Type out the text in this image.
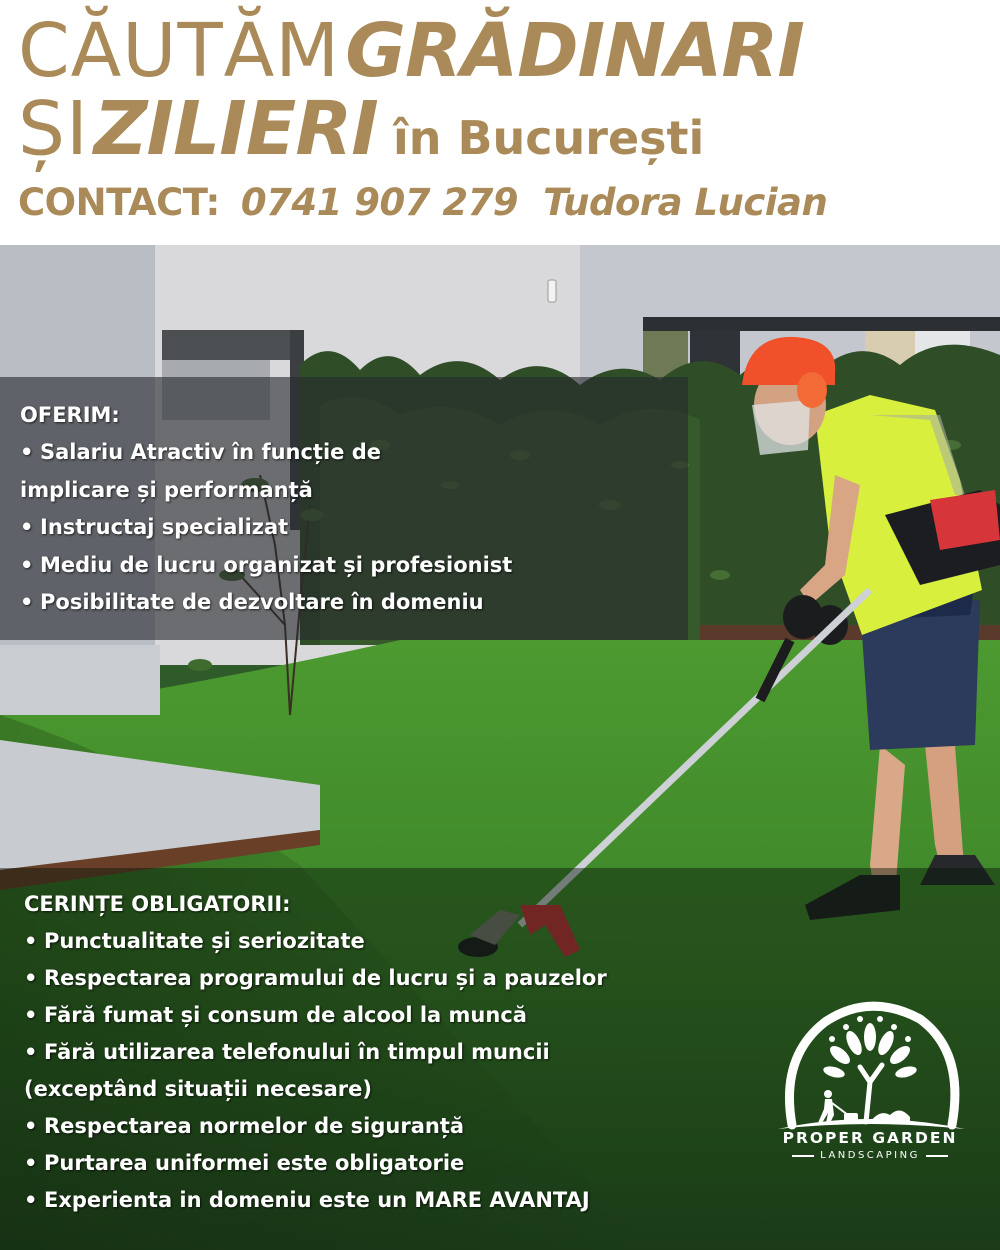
CĂUTĂM GRĂDINARI
ȘI ZILIERI în București
CONTACT: 0741 907 279 Tudora Lucian
OFERIM:
• Salariu Atractiv în funcție de
implicare și performanță
• Instructaj specializat
• Mediu de lucru organizat și profesionist
• Posibilitate de dezvoltare în domeniu
CERINȚE OBLIGATORII:
• Punctualitate și seriozitate
• Respectarea programului de lucru și a pauzelor
• Fără fumat și consum de alcool la muncă
• Fără utilizarea telefonului în timpul muncii
(exceptând situații necesare)
• Respectarea normelor de siguranță
• Purtarea uniformei este obligatorie
• Experienta in domeniu este un MARE AVANTAJ
PROPER GARDEN
LANDSCAPING
